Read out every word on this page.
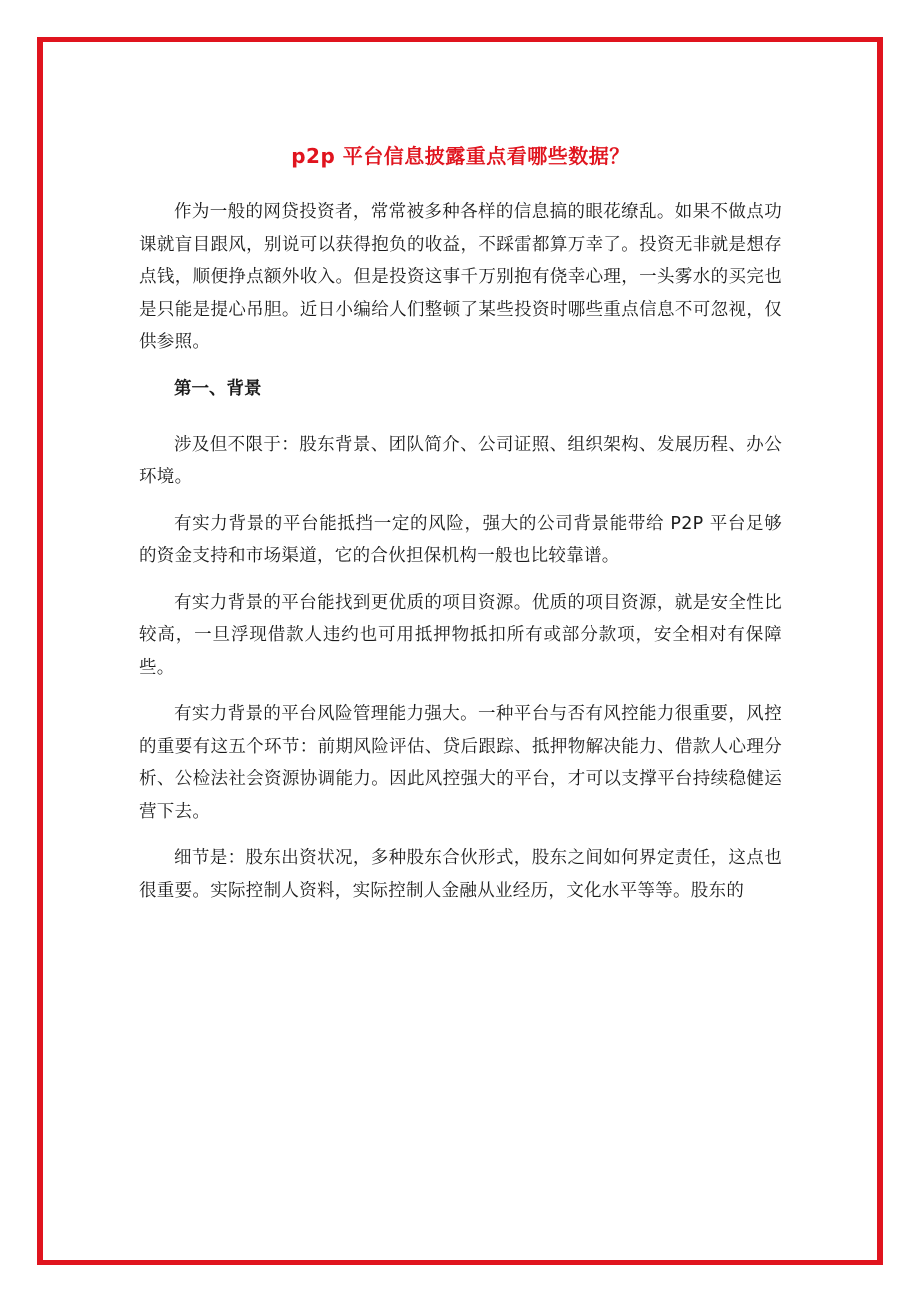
p2p 平台信息披露重点看哪些数据？

作为一般的网贷投资者，常常被多种各样的信息搞的眼花缭乱。如果不做点功课就盲目跟风，别说可以获得抱负的收益，不踩雷都算万幸了。投资无非就是想存点钱，顺便挣点额外收入。但是投资这事千万别抱有侥幸心理，一头雾水的买完也是只能是提心吊胆。近日小编给人们整顿了某些投资时哪些重点信息不可忽视，仅供参照。

第一、背景

涉及但不限于：股东背景、团队简介、公司证照、组织架构、发展历程、办公环境。

有实力背景的平台能抵挡一定的风险，强大的公司背景能带给 P2P 平台足够的资金支持和市场渠道，它的合伙担保机构一般也比较靠谱。

有实力背景的平台能找到更优质的项目资源。优质的项目资源，就是安全性比较高，一旦浮现借款人违约也可用抵押物抵扣所有或部分款项，安全相对有保障些。

有实力背景的平台风险管理能力强大。一种平台与否有风控能力很重要，风控的重要有这五个环节：前期风险评估、贷后跟踪、抵押物解决能力、借款人心理分析、公检法社会资源协调能力。因此风控强大的平台，才可以支撑平台持续稳健运营下去。

细节是：股东出资状况，多种股东合伙形式，股东之间如何界定责任，这点也很重要。实际控制人资料，实际控制人金融从业经历，文化水平等等。股东的
